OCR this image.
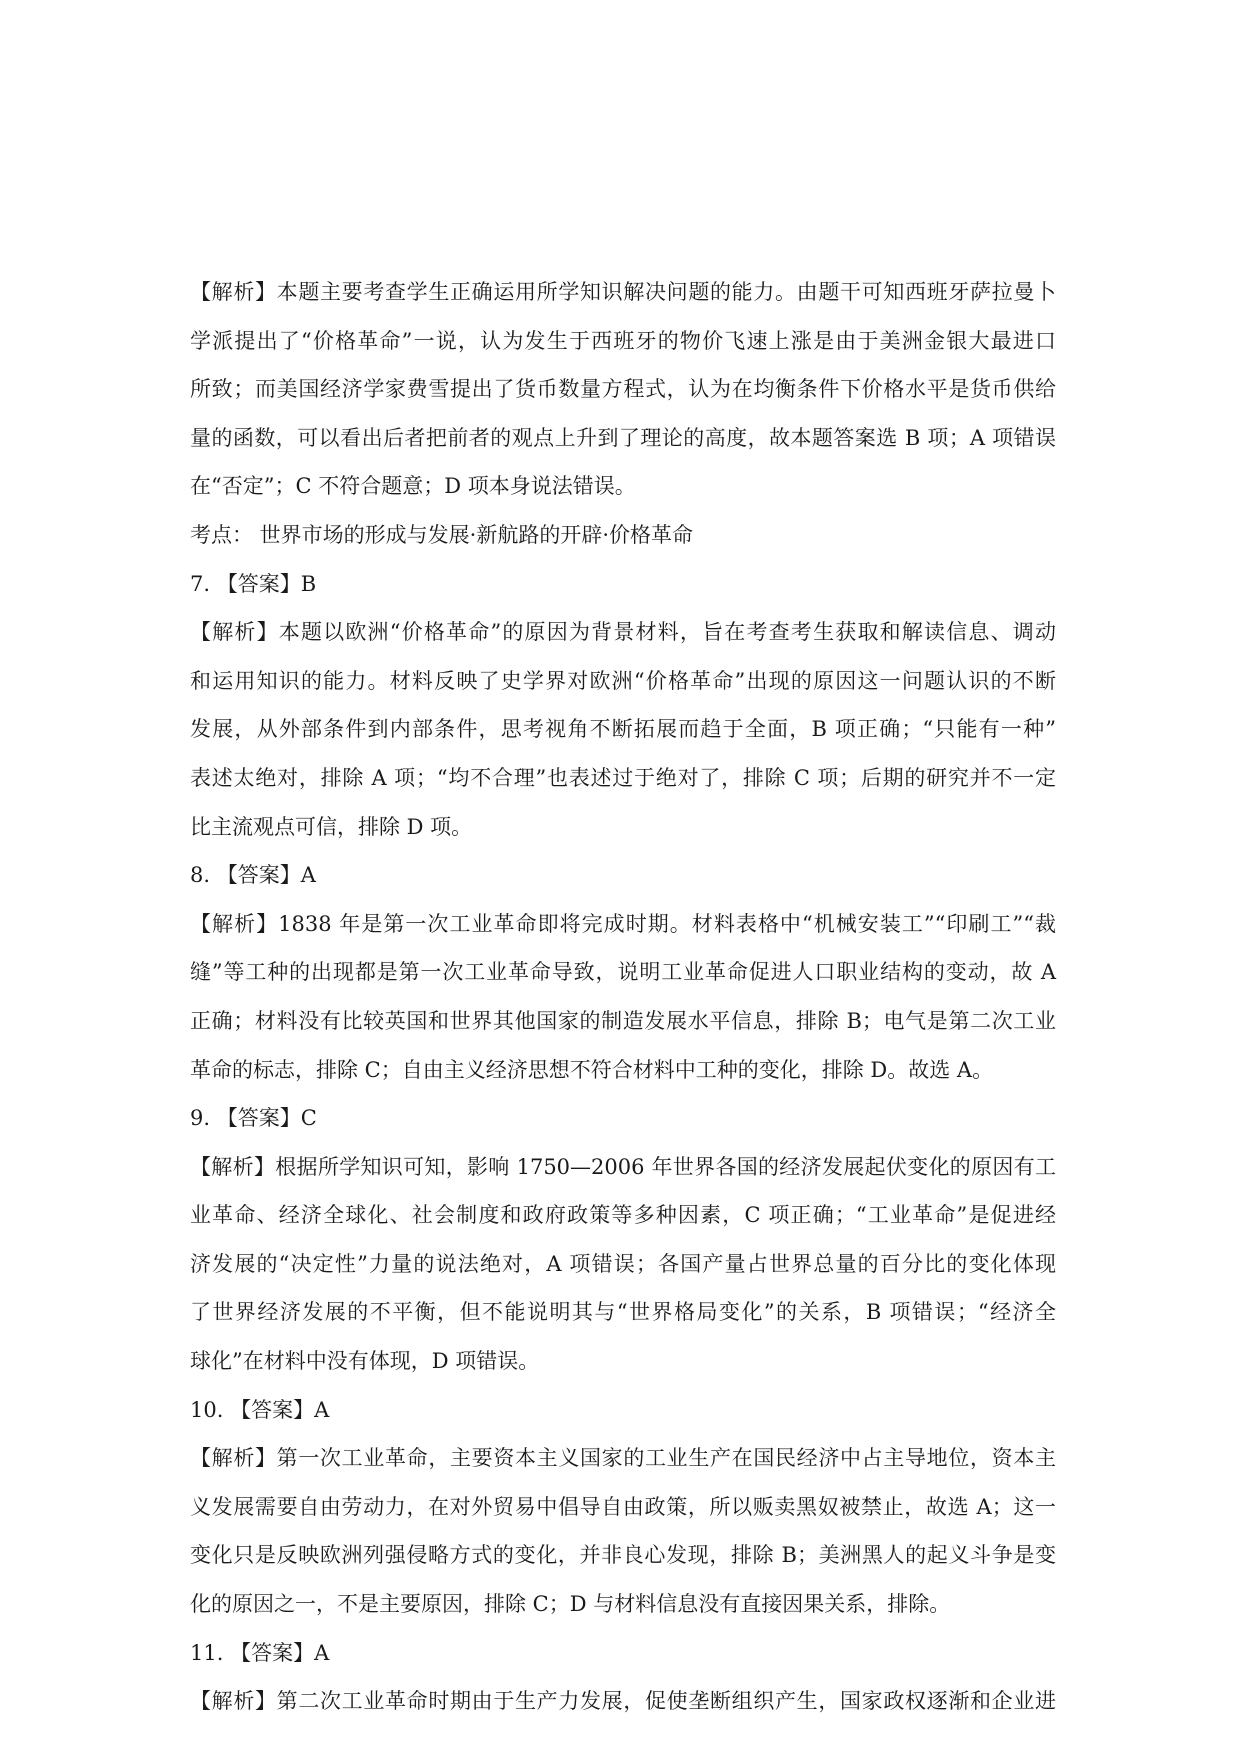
【解析】本题主要考查学生正确运用所学知识解决问题的能力。由题干可知西班牙萨拉曼卜
学派提出了“价格革命”一说，认为发生于西班牙的物价飞速上涨是由于美洲金银大最进口
所致；而美国经济学家费雪提出了货币数量方程式，认为在均衡条件下价格水平是货币供给
量的函数，可以看出后者把前者的观点上升到了理论的高度，故本题答案选 B 项；A 项错误
在“否定”；C 不符合题意；D 项本身说法错误。
考点： 世界市场的形成与发展·新航路的开辟·价格革命
7. 【答案】B
【解析】本题以欧洲“价格革命”的原因为背景材料，旨在考查考生获取和解读信息、调动
和运用知识的能力。材料反映了史学界对欧洲“价格革命”出现的原因这一问题认识的不断
发展，从外部条件到内部条件，思考视角不断拓展而趋于全面，B 项正确；“只能有一种”
表述太绝对，排除 A 项；“均不合理”也表述过于绝对了，排除 C 项；后期的研究并不一定
比主流观点可信，排除 D 项。
8. 【答案】A
【解析】1838 年是第一次工业革命即将完成时期。材料表格中“机械安装工”“印刷工”“裁
缝”等工种的出现都是第一次工业革命导致，说明工业革命促进人口职业结构的变动，故 A
正确；材料没有比较英国和世界其他国家的制造发展水平信息，排除 B；电气是第二次工业
革命的标志，排除 C；自由主义经济思想不符合材料中工种的变化，排除 D。故选 A。
9. 【答案】C
【解析】根据所学知识可知，影响 1750—2006 年世界各国的经济发展起伏变化的原因有工
业革命、经济全球化、社会制度和政府政策等多种因素，C 项正确；“工业革命”是促进经
济发展的“决定性”力量的说法绝对，A 项错误；各国产量占世界总量的百分比的变化体现
了世界经济发展的不平衡，但不能说明其与“世界格局变化”的关系，B 项错误；“经济全
球化”在材料中没有体现，D 项错误。
10. 【答案】A
【解析】第一次工业革命，主要资本主义国家的工业生产在国民经济中占主导地位，资本主
义发展需要自由劳动力，在对外贸易中倡导自由政策，所以贩卖黑奴被禁止，故选 A；这一
变化只是反映欧洲列强侵略方式的变化，并非良心发现，排除 B；美洲黑人的起义斗争是变
化的原因之一，不是主要原因，排除 C；D 与材料信息没有直接因果关系，排除。
11. 【答案】A
【解析】第二次工业革命时期由于生产力发展，促使垄断组织产生，国家政权逐渐和企业进
